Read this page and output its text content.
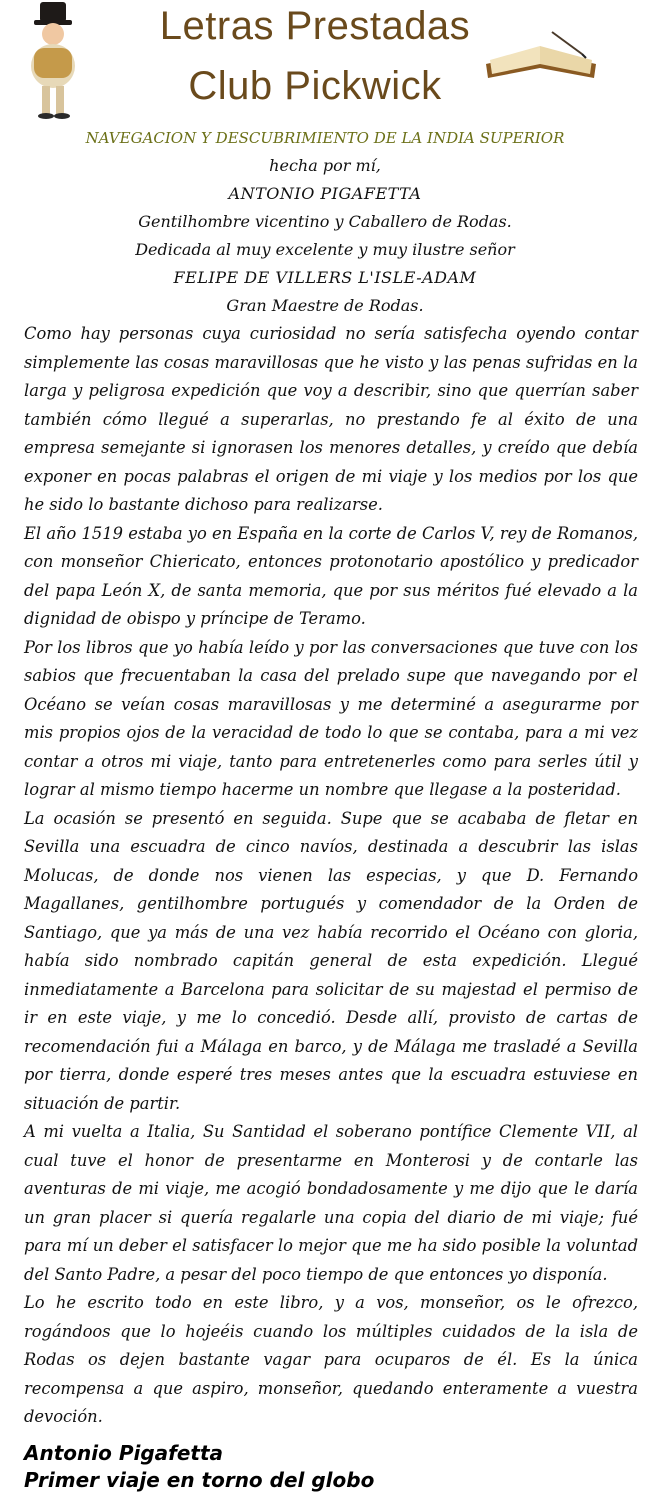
Letras Prestadas
Club Pickwick

NAVEGACION Y DESCUBRIMIENTO DE LA INDIA SUPERIOR

hecha por mí,

ANTONIO PIGAFETTA

Gentilhombre vicentino y Caballero de Rodas.

Dedicada al muy excelente y muy ilustre señor

FELIPE DE VILLERS L'ISLE-ADAM

Gran Maestre de Rodas.

Como hay personas cuya curiosidad no sería satisfecha oyendo contar simplemente las cosas maravillosas que he visto y las penas sufridas en la larga y peligrosa expedición que voy a describir, sino que querrían saber también cómo llegué a superarlas, no prestando fe al éxito de una empresa semejante si ignorasen los menores detalles, y creído que debía exponer en pocas palabras el origen de mi viaje y los medios por los que he sido lo bastante dichoso para realizarse.

El año 1519 estaba yo en España en la corte de Carlos V, rey de Romanos, con monseñor Chiericato, entonces protonotario apostólico y predicador del papa León X, de santa memoria, que por sus méritos fué elevado a la dignidad de obispo y príncipe de Teramo.

Por los libros que yo había leído y por las conversaciones que tuve con los sabios que frecuentaban la casa del prelado supe que navegando por el Océano se veían cosas maravillosas y me determiné a asegurarme por mis propios ojos de la veracidad de todo lo que se contaba, para a mi vez contar a otros mi viaje, tanto para entretenerles como para serles útil y lograr al mismo tiempo hacerme un nombre que llegase a la posteridad.

La ocasión se presentó en seguida. Supe que se acababa de fletar en Sevilla una escuadra de cinco navíos, destinada a descubrir las islas Molucas, de donde nos vienen las especias, y que D. Fernando Magallanes, gentilhombre portugués y comendador de la Orden de Santiago, que ya más de una vez había recorrido el Océano con gloria, había sido nombrado capitán general de esta expedición. Llegué inmediatamente a Barcelona para solicitar de su majestad el permiso de ir en este viaje, y me lo concedió. Desde allí, provisto de cartas de recomendación fui a Málaga en barco, y de Málaga me trasladé a Sevilla por tierra, donde esperé tres meses antes que la escuadra estuviese en situación de partir.

A mi vuelta a Italia, Su Santidad el soberano pontífice Clemente VII, al cual tuve el honor de presentarme en Monterosi y de contarle las aventuras de mi viaje, me acogió bondadosamente y me dijo que le daría un gran placer si quería regalarle una copia del diario de mi viaje; fué para mí un deber el satisfacer lo mejor que me ha sido posible la voluntad del Santo Padre, a pesar del poco tiempo de que entonces yo disponía.

Lo he escrito todo en este libro, y a vos, monseñor, os le ofrezco, rogándoos que lo hojeéis cuando los múltiples cuidados de la isla de Rodas os dejen bastante vagar para ocuparos de él. Es la única recompensa a que aspiro, monseñor, quedando enteramente a vuestra devoción.

Antonio Pigafetta
Primer viaje en torno del globo
